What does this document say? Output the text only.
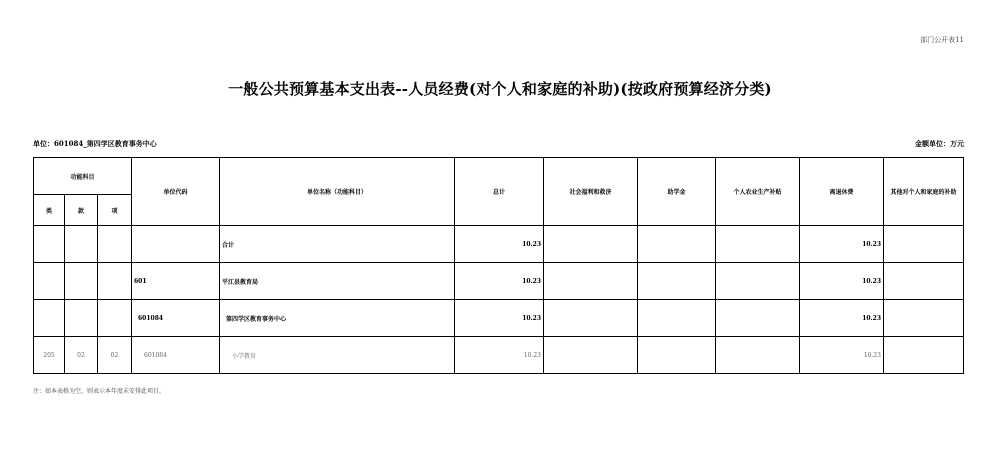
部门公开表11
一般公共预算基本支出表--人员经费(对个人和家庭的补助)(按政府预算经济分类)
单位：601084_第四学区教育事务中心	金额单位：万元
功能科目			单位代码	单位名称（功能科目）	总计	社会福利和救济	助学金	个人农业生产补贴	离退休费	其他对个人和家庭的补助
类	款	项								
				合计	10.23				10.23	
			601	平江县教育局	10.23				10.23	
			601084	第四学区教育事务中心	10.23				10.23	
205	02	02	601084	小学教育	10.23				10.23	
注：如本表格为空，则表示本年度未安排此项目。
